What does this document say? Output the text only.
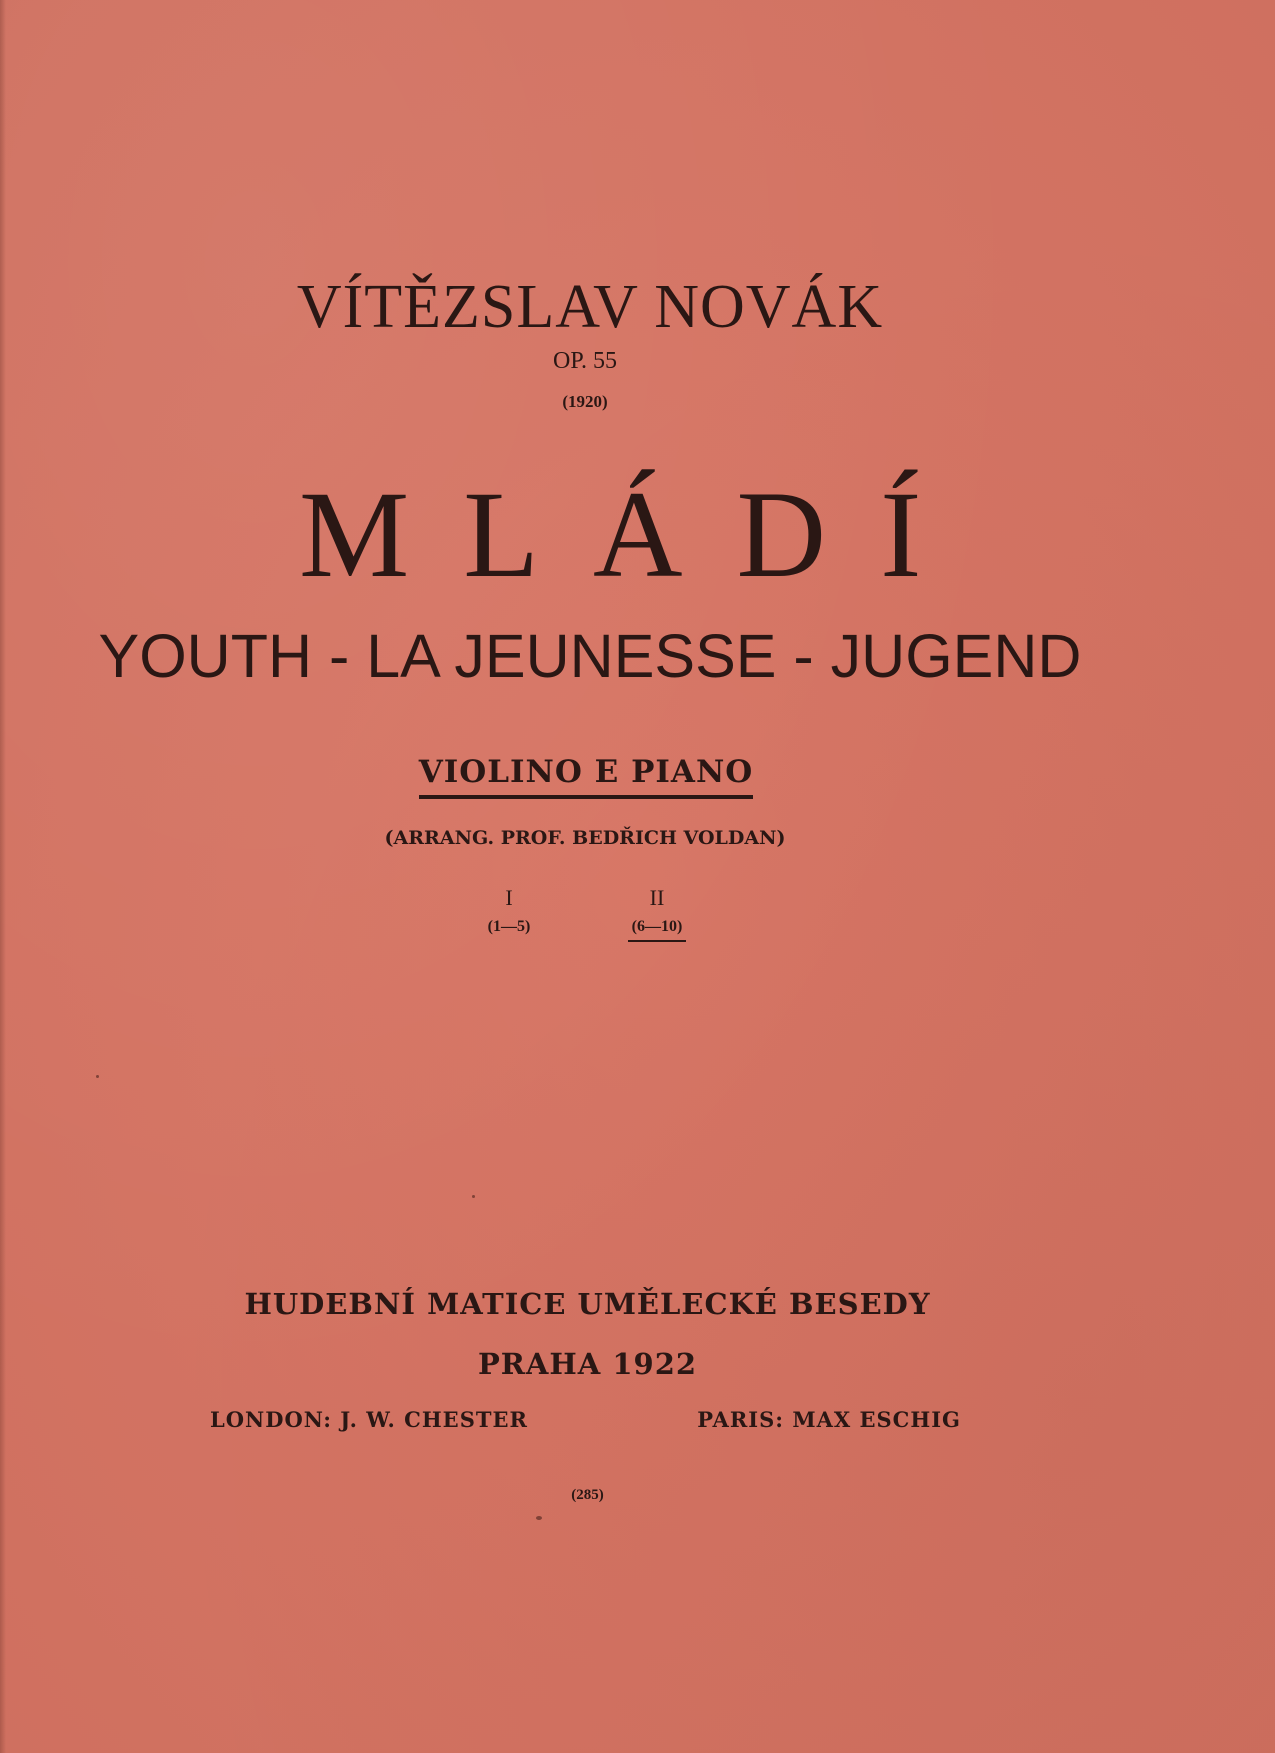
VÍTĚZSLAV NOVÁK
OP. 55
(1920)
MLÁDÍ
YOUTH - LA JEUNESSE - JUGEND
VIOLINO E PIANO
(ARRANG. PROF. BEDŘICH VOLDAN)
I
(1—5)
II
(6—10)
HUDEBNÍ MATICE UMĚLECKÉ BESEDY
PRAHA 1922
LONDON: J. W. CHESTER	PARIS: MAX ESCHIG
(285)
